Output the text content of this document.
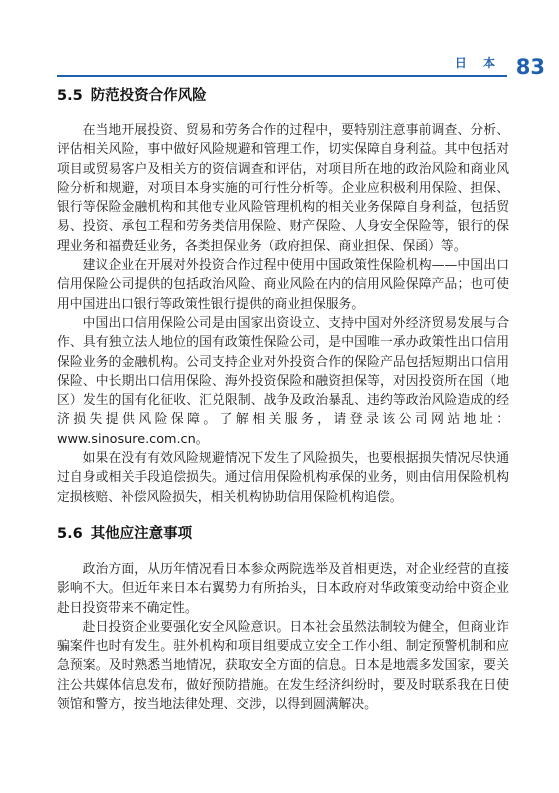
日 本 83
5.5 防范投资合作风险

在当地开展投资、贸易和劳务合作的过程中，要特别注意事前调查、分析、评估相关风险，事中做好风险规避和管理工作，切实保障自身利益。其中包括对项目或贸易客户及相关方的资信调查和评估，对项目所在地的政治风险和商业风险分析和规避，对项目本身实施的可行性分析等。企业应积极利用保险、担保、银行等保险金融机构和其他专业风险管理机构的相关业务保障自身利益，包括贸易、投资、承包工程和劳务类信用保险、财产保险、人身安全保险等，银行的保理业务和福费廷业务，各类担保业务（政府担保、商业担保、保函）等。

建议企业在开展对外投资合作过程中使用中国政策性保险机构——中国出口信用保险公司提供的包括政治风险、商业风险在内的信用风险保障产品；也可使用中国进出口银行等政策性银行提供的商业担保服务。

中国出口信用保险公司是由国家出资设立、支持中国对外经济贸易发展与合作、具有独立法人地位的国有政策性保险公司，是中国唯一承办政策性出口信用保险业务的金融机构。公司支持企业对外投资合作的保险产品包括短期出口信用保险、中长期出口信用保险、海外投资保险和融资担保等，对因投资所在国（地区）发生的国有化征收、汇兑限制、战争及政治暴乱、违约等政治风险造成的经济损失提供风险保障。了解相关服务，请登录该公司网站地址：www.sinosure.com.cn。

如果在没有有效风险规避情况下发生了风险损失，也要根据损失情况尽快通过自身或相关手段追偿损失。通过信用保险机构承保的业务，则由信用保险机构定损核赔、补偿风险损失，相关机构协助信用保险机构追偿。

5.6 其他应注意事项

政治方面，从历年情况看日本参众两院选举及首相更迭，对企业经营的直接影响不大。但近年来日本右翼势力有所抬头，日本政府对华政策变动给中资企业赴日投资带来不确定性。

赴日投资企业要强化安全风险意识。日本社会虽然法制较为健全，但商业诈骗案件也时有发生。驻外机构和项目组要成立安全工作小组、制定预警机制和应急预案。及时熟悉当地情况，获取安全方面的信息。日本是地震多发国家，要关注公共媒体信息发布，做好预防措施。在发生经济纠纷时，要及时联系我在日使领馆和警方，按当地法律处理、交涉，以得到圆满解决。
